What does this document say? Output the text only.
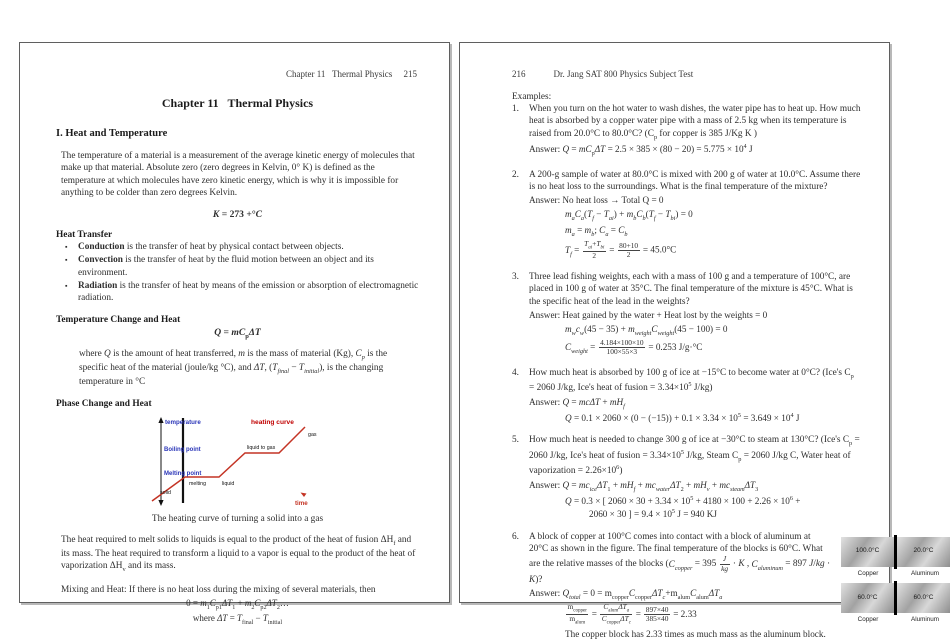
Chapter 11   Thermal Physics 215
Chapter 11   Thermal Physics
I. Heat and Temperature
The temperature of a material is a measurement of the average kinetic energy of molecules that make up that material. Absolute zero (zero degrees in Kelvin, 0° K) is defined as the temperature at which molecules have zero kinetic energy, which is why it is impossible for anything to be colder than zero degrees Kelvin.
K = 273 +°C
Heat Transfer
▪	Conduction is the transfer of heat by physical contact between objects.
▪	Convection is the transfer of heat by the fluid motion between an object and its environment.
▪	Radiation is the transfer of heat by means of the emission or absorption of electromagnetic radiation.
Temperature Change and Heat
$Q = mC_p\Delta T$
where Q is the amount of heat transferred, m is the mass of material (Kg), $C_p$ is the specific heat of the material (joule/kg °C), and ΔT, $(T_{final} - T_{initial})$, is the changing temperature in °C
Phase Change and Heat
temperature	heating curve
Boiling point
Melting point
solid
melting	liquid
liquid to gas
gas
time
The heating curve of turning a solid into a gas
The heat required to melt solids to liquids is equal to the product of the heat of fusion $\Delta H_f$ and its mass. The heat required to transform a liquid to a vapor is equal to the product of the heat of vaporization $\Delta H_v$ and its mass.
Mixing and Heat: If there is no heat loss during the mixing of several materials, then
$0 = m_1C_{p1}\Delta T_1$ + $m_2C_{p2}\Delta T_2\dots$
where $\Delta T = T_{final} - T_{initial}$
216	Dr. Jang SAT 800 Physics Subject Test
Examples:
1.	When you turn on the hot water to wash dishes, the water pipe has to heat up. How much heat is absorbed by a copper water pipe with a mass of 2.5 kg when its temperature is raised from 20.0°C to 80.0°C? ($C_p$ for copper is 385 J/Kg K )
Answer: $Q = mC_p\Delta T = 2.5 \times 385 \times (80 - 20) = 5.775 \times 10^4$ J
2.	A 200-g sample of water at 80.0°C is mixed with 200 g of water at 10.0°C. Assume there is no heat loss to the surroundings. What is the final temperature of the mixture?
Answer: No heat loss → Total Q = 0
$m_aC_a(T_f - T_{ai}) + m_bC_b(T_f - T_{bi}) = 0$
$m_a = m_b$; $C_a = C_b$
$T_f = \frac{T_{ai}+T_{bi}}{2} = \frac{80+10}{2} = 45.0^\circ C$
3.	Three lead fishing weights, each with a mass of 100 g and a temperature of 100°C, are placed in 100 g of water at 35°C. The final temperature of the mixture is 45°C. What is the specific heat of the lead in the weights?
Answer: Heat gained by the water + Heat lost by the weights = 0
$m_wc_w(45 - 35) + m_{weight}C_{weight}(45 - 100) = 0$
$C_{weight} = \frac{4.184\times 100\times 10}{100\times 55\times 3} = 0.253$ J/g·°C
4.	How much heat is absorbed by 100 g of ice at −15°C to become water at 0°C? (Ice's $C_p = 2060$ J/kg, Ice's heat of fusion = $3.34\times 10^5$ J/kg)
Answer: $Q = mc\Delta T + mH_f$
$Q = 0.1 \times 2060 \times (0 - (-15)) + 0.1 \times 3.34 \times 10^5 = 3.649 \times 10^4$ J
5.	How much heat is needed to change 300 g of ice at −30°C to steam at 130°C? (Ice's $C_p = 2060$ J/kg, Ice's heat of fusion = $3.34\times 10^5$ J/kg, Steam $C_p = 2060$ J/kg C, Water heat of vaporization = $2.26\times 10^6$)
Answer: $Q = mc_{ice}\Delta T_1 + mH_f + mc_{water}\Delta T_2 + mH_v + mc_{steam}\Delta T_3$
Q = 0.3 × [ $2060 \times 30 + 3.34 \times 10^5 + 4180 \times 100 + 2.26 \times 10^6$ +
2060 × 30 ] = $9.4 \times 10^5$ J = 940 KJ
6.	A block of copper at 100°C comes into contact with a block of aluminum at 20°C as shown in the figure. The final temperature of the blocks is 60°C. What are the relative masses of the blocks ($C_{copper} = 395 \frac{J}{kg} \cdot K$ , $C_{aluminum} = 897$ J/kg · K)?
Answer: $Q_{total} = 0 = m_{copper}C_{copper}\Delta T_c+m_{alum}C_{alum}\Delta T_a$
$\frac{m_{copper}}{m_{alum}} = \frac{C_{alum}\Delta T_a}{C_{copper}\Delta T_c} = \frac{897\times 40}{385\times 40} = 2.33$
The copper block has 2.33 times as much mass as the aluminum block.
100.0°C	20.0°C
Copper	Aluminum
60.0°C	60.0°C
Copper	Aluminum
